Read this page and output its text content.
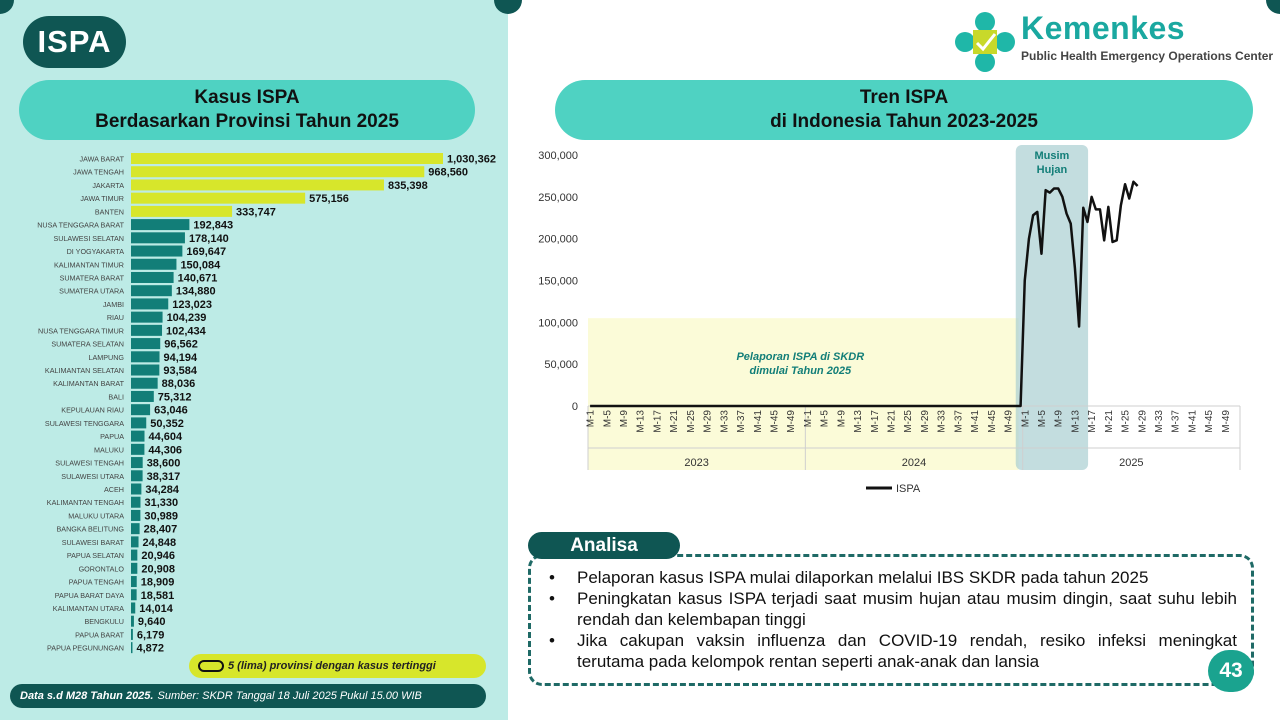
ISPA
Kasus ISPA
Berdasarkan Provinsi Tahun 2025
JAWA BARAT	1,030,362
JAWA TENGAH	968,560
JAKARTA	835,398
JAWA TIMUR	575,156
BANTEN	333,747
NUSA TENGGARA BARAT	192,843
SULAWESI SELATAN	178,140
DI YOGYAKARTA	169,647
KALIMANTAN TIMUR	150,084
SUMATERA BARAT	140,671
SUMATERA UTARA	134,880
JAMBI	123,023
RIAU	104,239
NUSA TENGGARA TIMUR	102,434
SUMATERA SELATAN	96,562
LAMPUNG	94,194
KALIMANTAN SELATAN	93,584
KALIMANTAN BARAT	88,036
BALI	75,312
KEPULAUAN RIAU	63,046
SULAWESI TENGGARA 50,352
PAPUA 44,604
MALUKU 44,306
SULAWESI TENGAH 38,600
SULAWESI UTARA 38,317
ACEH 34,284
KALIMANTAN TENGAH 31,330
MALUKU UTARA 30,989
BANGKA BELITUNG 28,407
SULAWESI BARAT 24,848
PAPUA SELATAN 20,946
GORONTALO 20,908
PAPUA TENGAH 18,909
PAPUA BARAT DAYA 18,581
KALIMANTAN UTARA 14,014
BENGKULU 9,640
PAPUA BARAT 6,179
PAPUA PEGUNUNGAN 4,872
5 (lima) provinsi dengan kasus tertinggi
Data s.d M28 Tahun 2025. Sumber: SKDR Tanggal 18 Juli 2025 Pukul 15.00 WIB
Kemenkes
Public Health Emergency Operations Center
Tren ISPA
di Indonesia Tahun 2023-2025
Pelaporan ISPA di SKDR
dimulai Tahun 2025
Musim
Hujan
300,000
250,000
200,000
150,000
100,000
50,000
0
M-1 M-5 M-9 M-13 M-17 M-21 M-25 M-29 M-33 M-37 M-41 M-45 M-49
2023
M-1 M-5 M-9 M-13 M-17 M-21 M-25 M-29 M-33 M-37 M-41 M-45 M-49
2024
M-1 M-5 M-9 M-13 M-17 M-21 M-25 M-29 M-33 M-37 M-41 M-45 M-49
2025
ISPA
Analisa
• Pelaporan kasus ISPA mulai dilaporkan melalui IBS SKDR pada tahun 2025
• Peningkatan kasus ISPA terjadi saat musim hujan atau musim dingin, saat suhu lebih rendah dan kelembapan tinggi
• Jika cakupan vaksin influenza dan COVID-19 rendah, resiko infeksi meningkat terutama pada kelompok rentan seperti anak-anak dan lansia	43
